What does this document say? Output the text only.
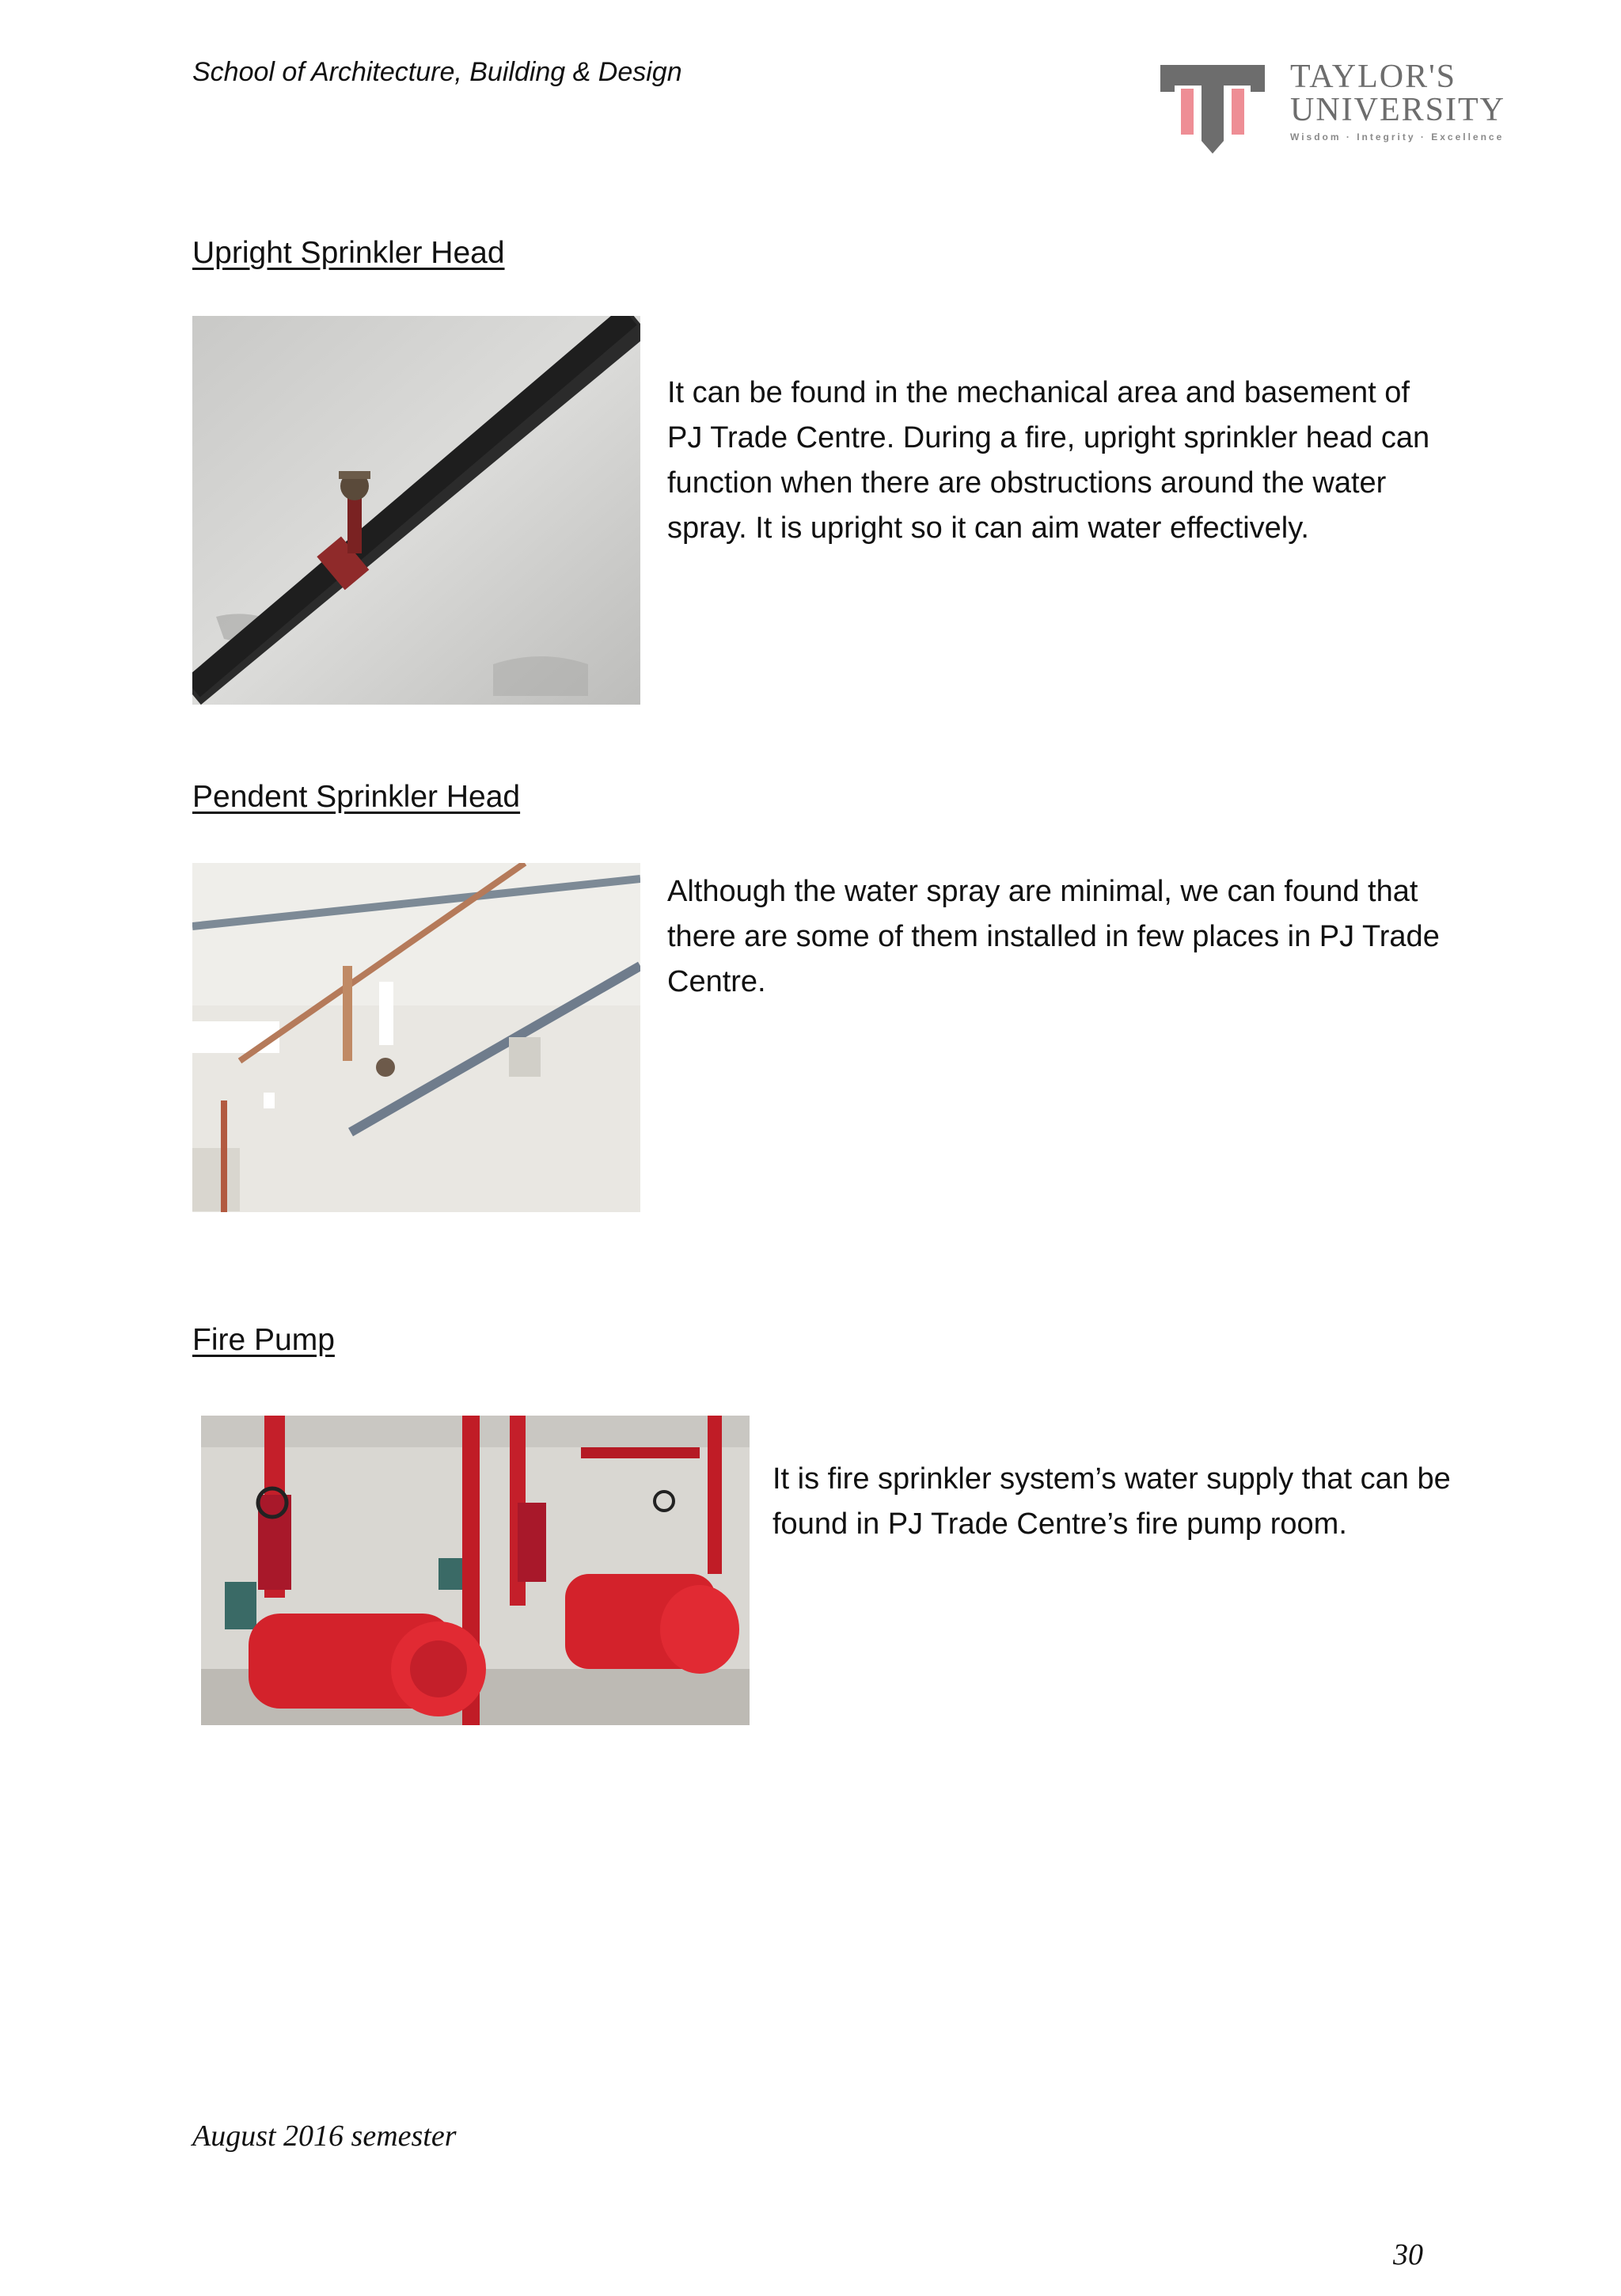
School of Architecture, Building & Design	TAYLOR'S
UNIVERSITY
Wisdom · Integrity · Excellence
Upright Sprinkler Head
It can be found in the mechanical area and basement of PJ Trade Centre. During a fire, upright sprinkler head can function when there are obstructions around the water spray. It is upright so it can aim water effectively.
Pendent Sprinkler Head
Although the water spray are minimal, we can found that there are some of them installed in few places in PJ Trade Centre.
Fire Pump
It is fire sprinkler system’s water supply that can be found in PJ Trade Centre’s fire pump room.
August 2016 semester
30
